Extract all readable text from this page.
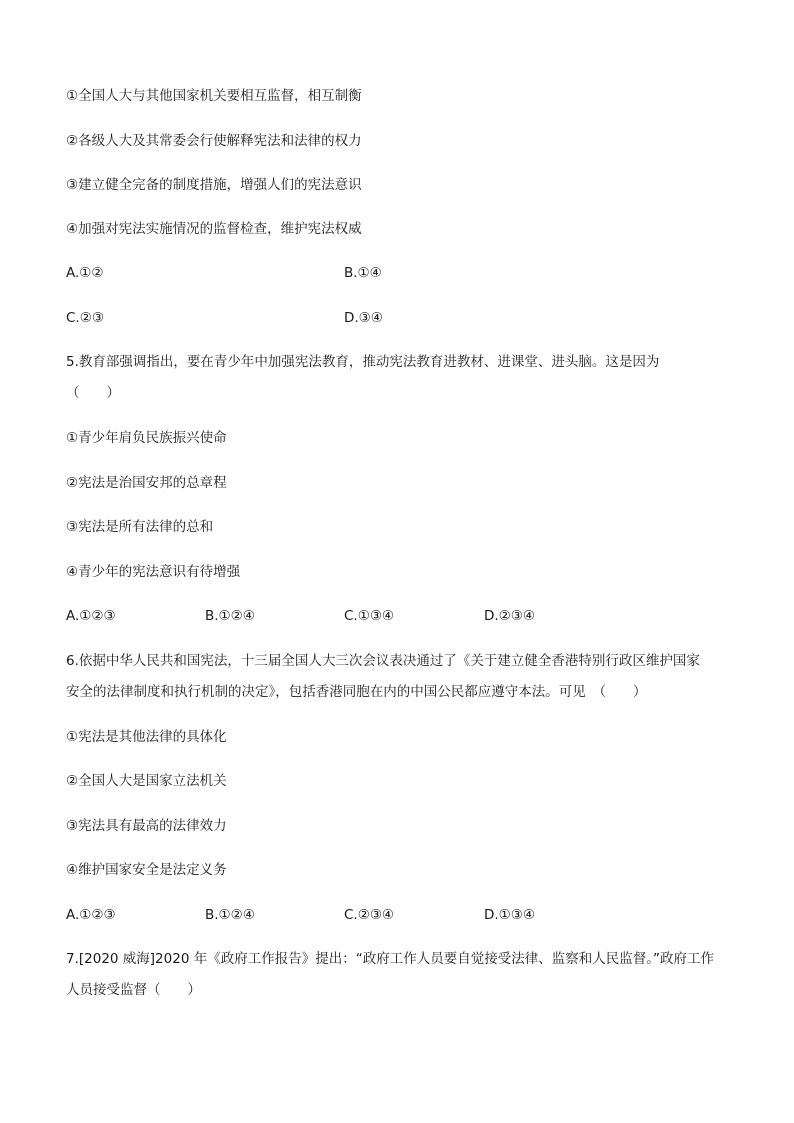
①全国人大与其他国家机关要相互监督，相互制衡
②各级人大及其常委会行使解释宪法和法律的权力
③建立健全完备的制度措施，增强人们的宪法意识
④加强对宪法实施情况的监督检查，维护宪法权威
A.①②	B.①④
C.②③	D.③④
5.教育部强调指出，要在青少年中加强宪法教育，推动宪法教育进教材、进课堂、进头脑。这是因为
（　　）
①青少年肩负民族振兴使命
②宪法是治国安邦的总章程
③宪法是所有法律的总和
④青少年的宪法意识有待增强
A.①②③	B.①②④	C.①③④	D.②③④
6.依据中华人民共和国宪法，十三届全国人大三次会议表决通过了《关于建立健全香港特别行政区维护国家
安全的法律制度和执行机制的决定》，包括香港同胞在内的中国公民都应遵守本法。可见　（　　）
①宪法是其他法律的具体化
②全国人大是国家立法机关
③宪法具有最高的法律效力
④维护国家安全是法定义务
A.①②③	B.①②④	C.②③④	D.①③④
7.[2020 威海]2020 年《政府工作报告》提出：“政府工作人员要自觉接受法律、监察和人民监督。”政府工作
人员接受监督（　　）
